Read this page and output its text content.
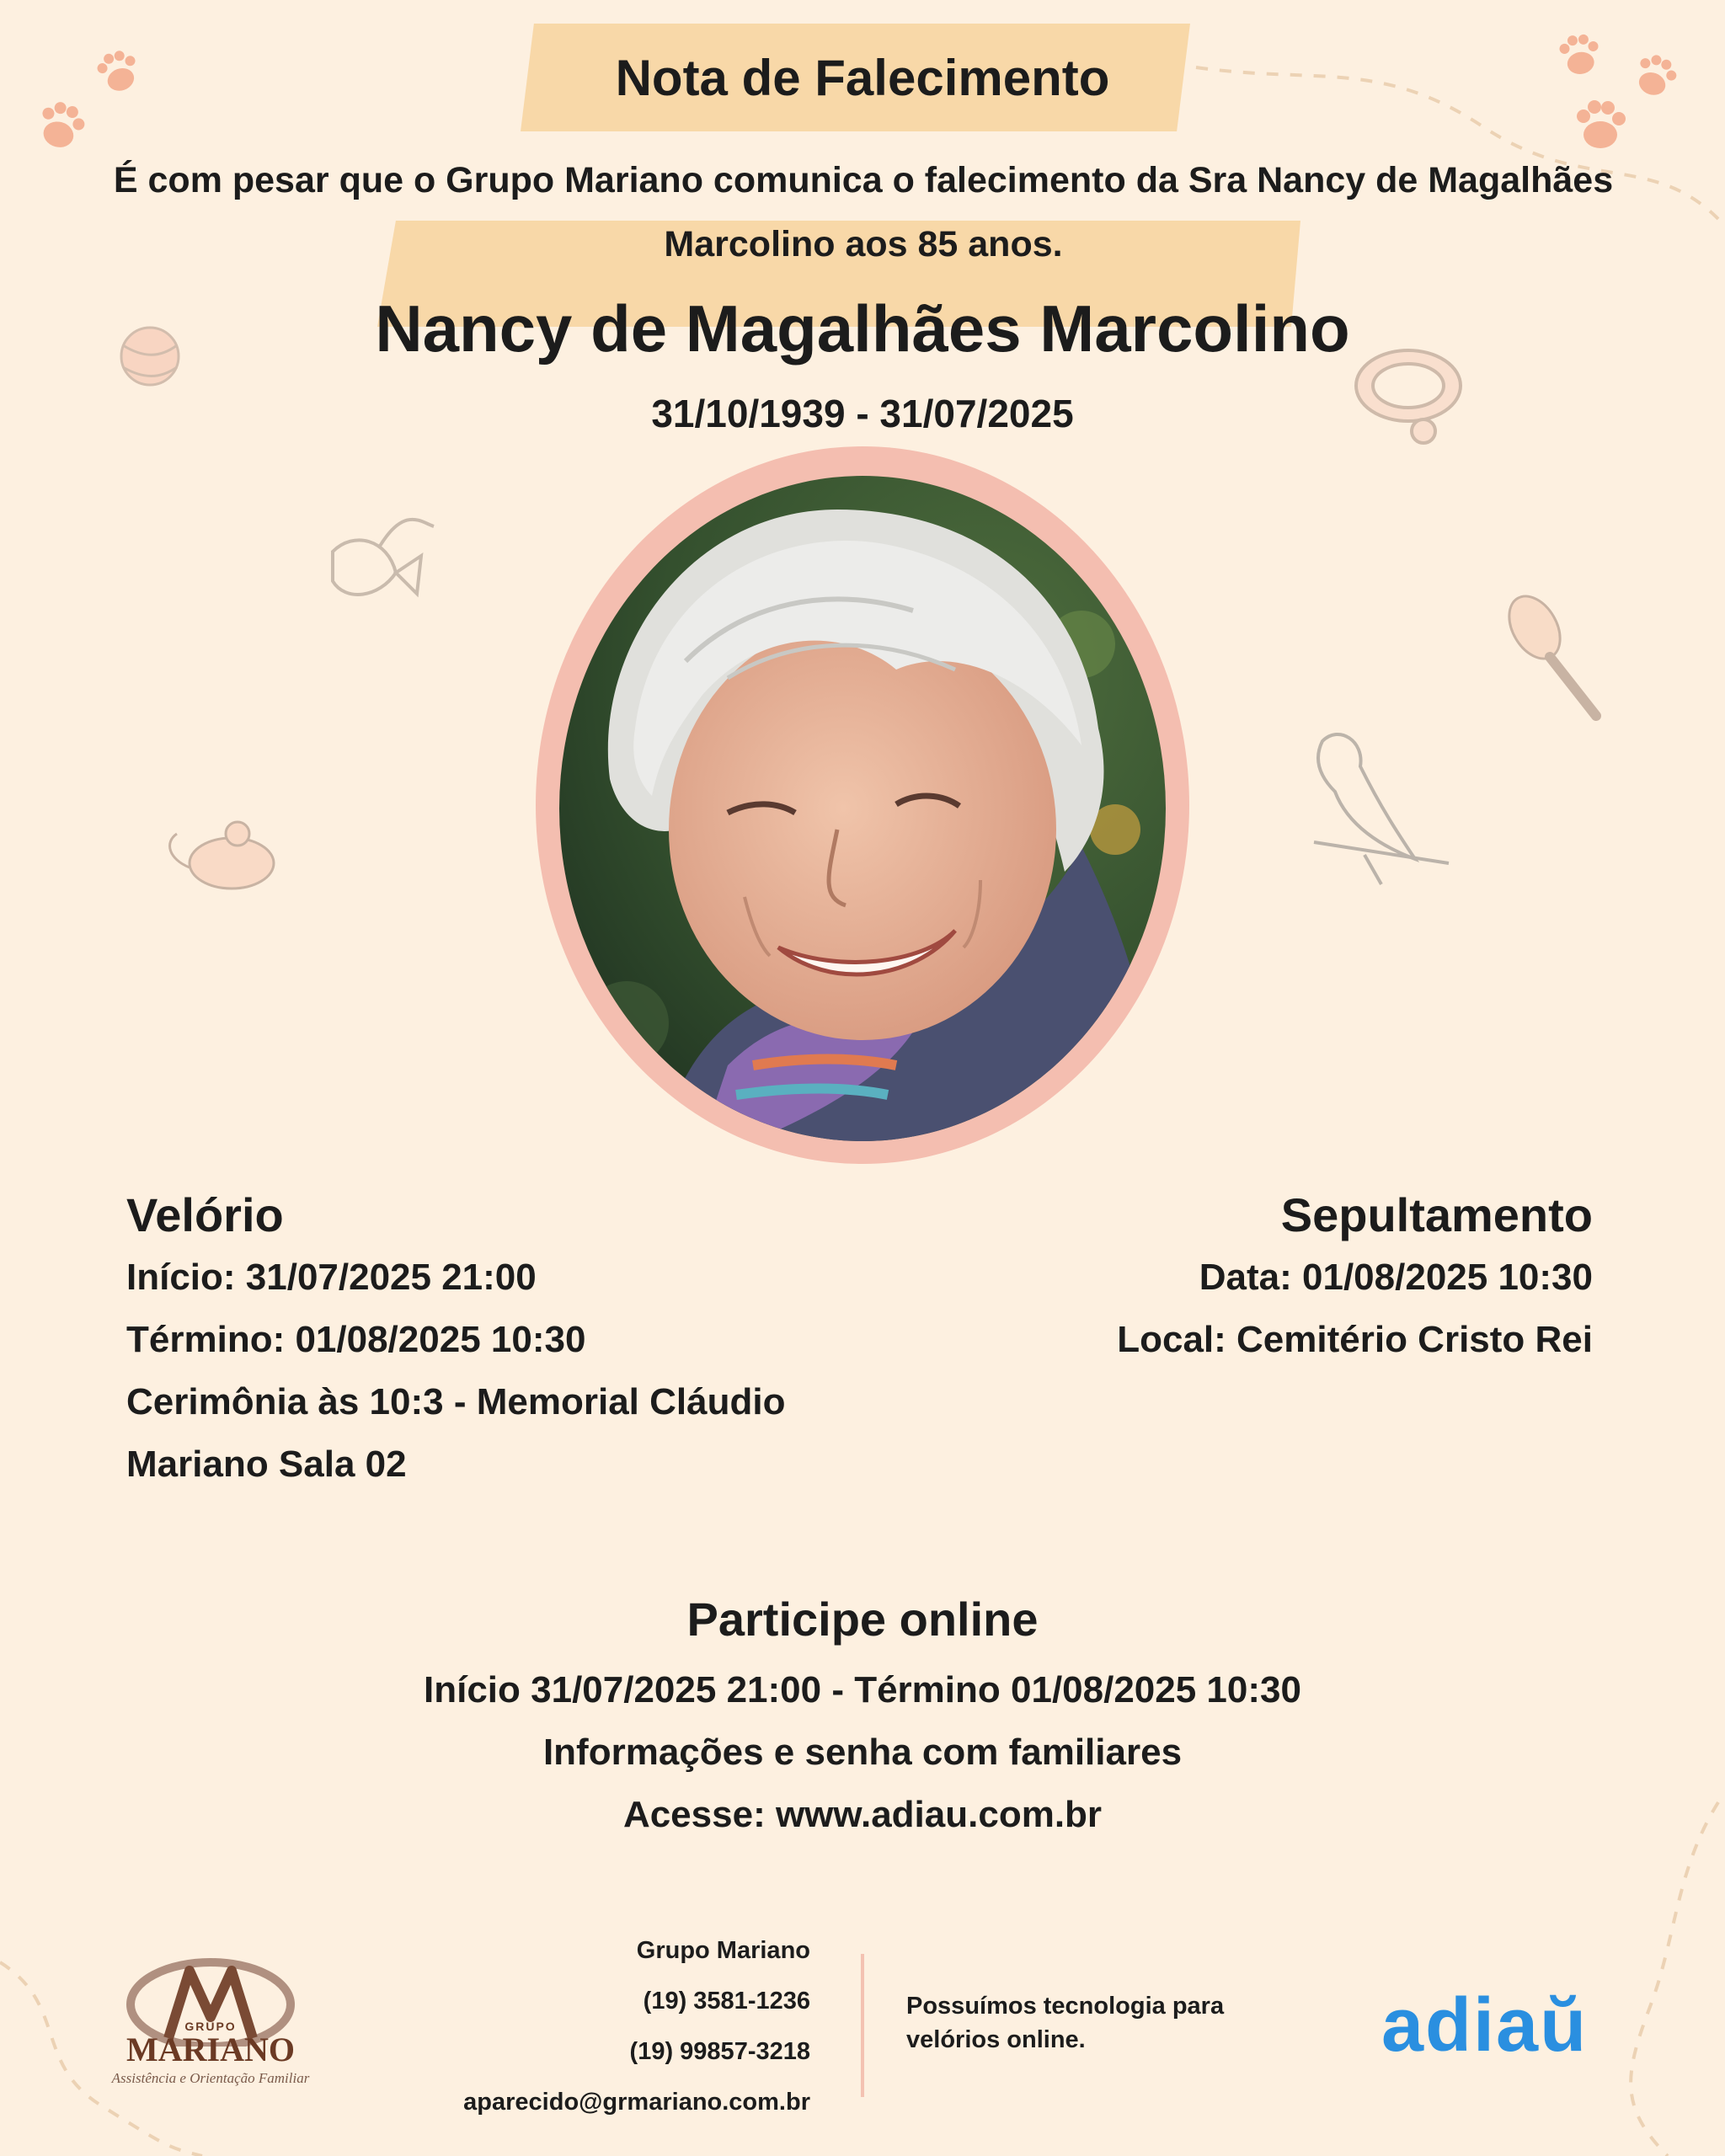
Nota de Falecimento
É com pesar que o Grupo Mariano comunica o falecimento da Sra Nancy de Magalhães Marcolino aos 85 anos.
Nancy de Magalhães Marcolino
31/10/1939 - 31/07/2025
Velório
Início: 31/07/2025 21:00
Término: 01/08/2025 10:30
Cerimônia às 10:3 - Memorial Cláudio
Mariano Sala 02
Sepultamento
Data: 01/08/2025 10:30
Local: Cemitério Cristo Rei
Participe online
Início 31/07/2025 21:00 - Término 01/08/2025 10:30
Informações e senha com familiares
Acesse: www.adiau.com.br
GRUPO
MARIANO
Assistência e Orientação Familiar
Grupo Mariano
(19) 3581-1236
(19) 99857-3218
aparecido@grmariano.com.br
Possuímos tecnologia para velórios online.	adiaŭ
